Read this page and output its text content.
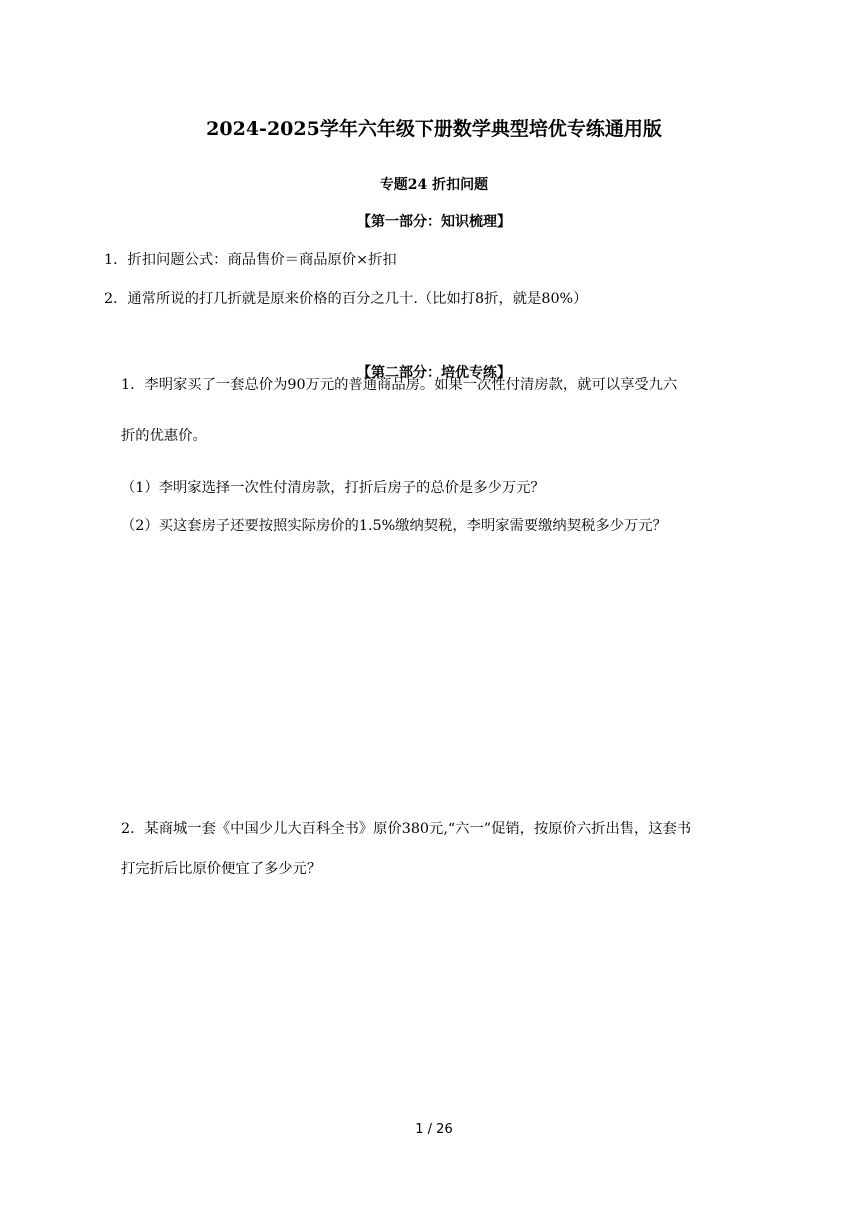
2024-2025学年六年级下册数学典型培优专练通用版
专题24 折扣问题
【第一部分：知识梳理】
1．折扣问题公式：商品售价＝商品原价×折扣
2．通常所说的打几折就是原来价格的百分之几十.（比如打8折，就是80%）
【第二部分：培优专练】
1．李明家买了一套总价为90万元的普通商品房。如果一次性付清房款，就可以享受九六
折的优惠价。
（1）李明家选择一次性付清房款，打折后房子的总价是多少万元？
（2）买这套房子还要按照实际房价的1.5%缴纳契税，李明家需要缴纳契税多少万元？
2．某商城一套《中国少儿大百科全书》原价380元,“六一”促销，按原价六折出售，这套书
打完折后比原价便宜了多少元？
1 / 26
